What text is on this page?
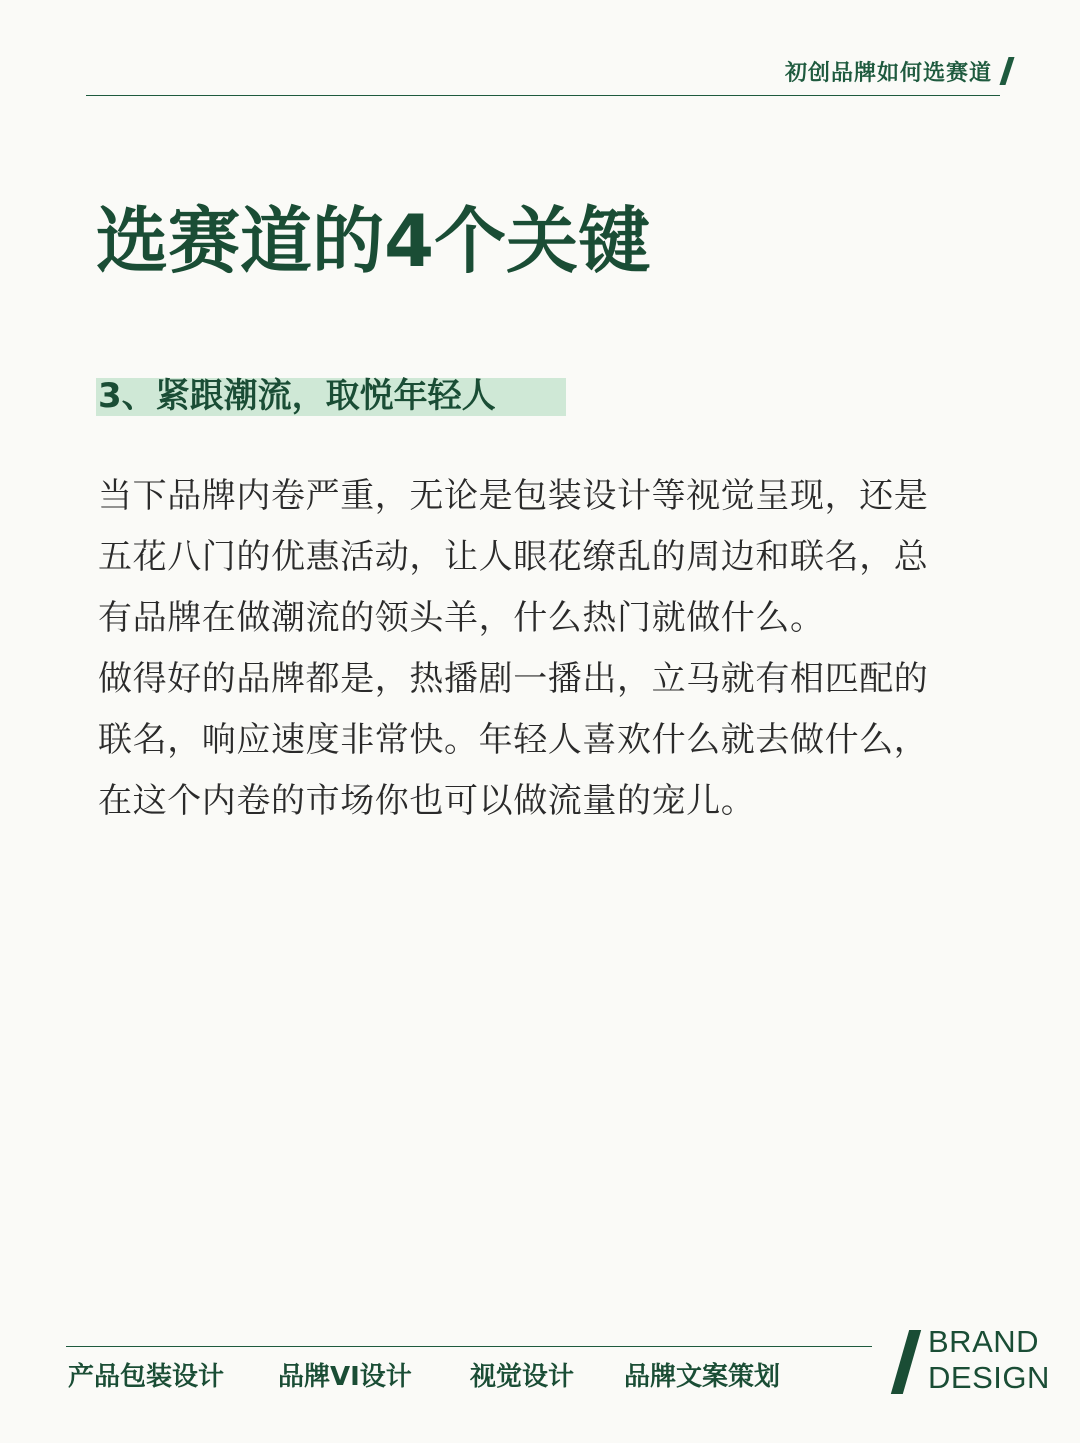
初创品牌如何选赛道
选赛道的4个关键
3、紧跟潮流，取悦年轻人

当下品牌内卷严重，无论是包装设计等视觉呈现，还是五花八门的优惠活动，让人眼花缭乱的周边和联名，总有品牌在做潮流的领头羊，什么热门就做什么。

做得好的品牌都是，热播剧一播出，立马就有相匹配的联名，响应速度非常快。年轻人喜欢什么就去做什么，在这个内卷的市场你也可以做流量的宠儿。

产品包装设计 品牌VI设计 视觉设计 品牌文案策划
BRAND
DESIGN
